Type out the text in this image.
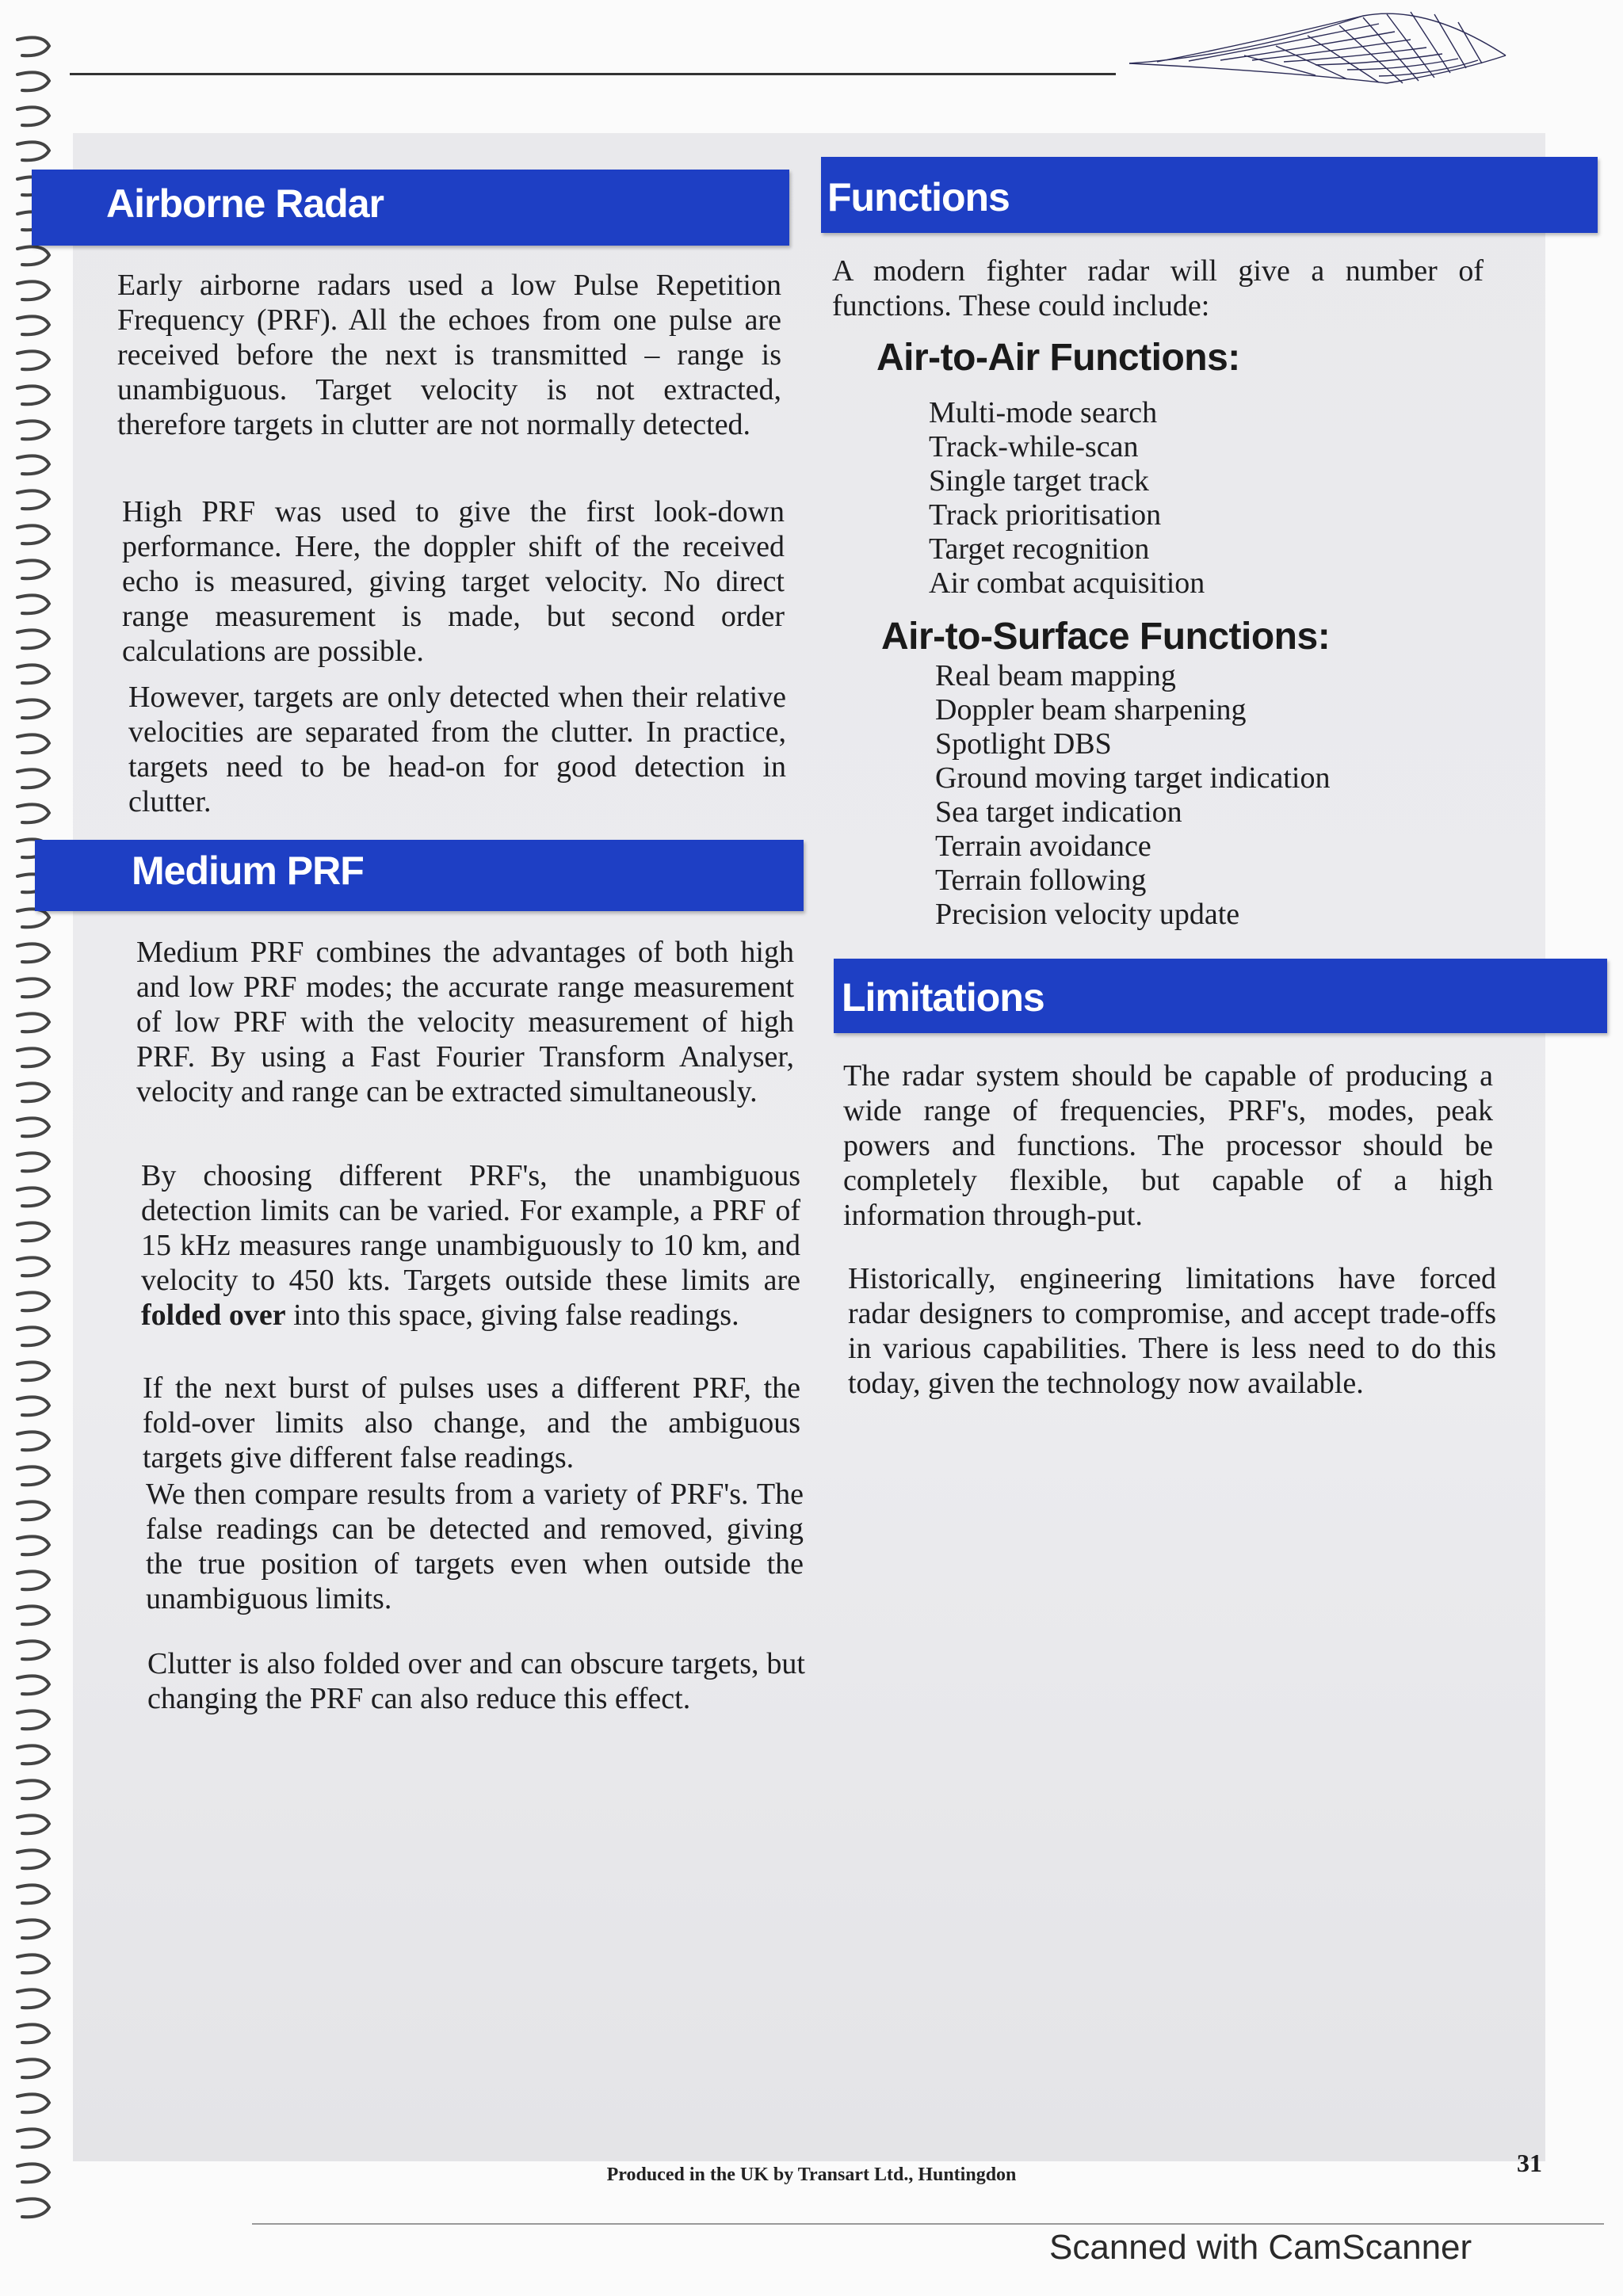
Airborne Radar

Early airborne radars used a low Pulse Repetition Frequency (PRF). All the echoes from one pulse are received before the next is transmitted – range is unambiguous. Target velocity is not extracted, therefore targets in clutter are not normally detected.

High PRF was used to give the first look-down performance. Here, the doppler shift of the received echo is measured, giving target velocity. No direct range measurement is made, but second order calculations are possible.

However, targets are only detected when their relative velocities are separated from the clutter. In practice, targets need to be head-on for good detection in clutter.

Medium PRF

Medium PRF combines the advantages of both high and low PRF modes; the accurate range measurement of low PRF with the velocity measurement of high PRF. By using a Fast Fourier Transform Analyser, velocity and range can be extracted simultaneously.

By choosing different PRF's, the unambiguous detection limits can be varied. For example, a PRF of 15 kHz measures range unambiguously to 10 km, and velocity to 450 kts. Targets outside these limits are folded over into this space, giving false readings.

If the next burst of pulses uses a different PRF, the fold-over limits also change, and the ambiguous targets give different false readings.

We then compare results from a variety of PRF's. The false readings can be detected and removed, giving the true position of targets even when outside the unambiguous limits.

Clutter is also folded over and can obscure targets, but changing the PRF can also reduce this effect.

Functions

A modern fighter radar will give a number of functions. These could include:

Air-to-Air Functions:
Multi-mode search
Track-while-scan
Single target track
Track prioritisation
Target recognition
Air combat acquisition
Air-to-Surface Functions:
Real beam mapping
Doppler beam sharpening
Spotlight DBS
Ground moving target indication
Sea target indication
Terrain avoidance
Terrain following
Precision velocity update
Limitations

The radar system should be capable of producing a wide range of frequencies, PRF's, modes, peak powers and functions. The processor should be completely flexible, but capable of a high information through-put.

Historically, engineering limitations have forced radar designers to compromise, and accept trade-offs in various capabilities. There is less need to do this today, given the technology now available.

Produced in the UK by Transart Ltd., Huntingdon	31
Scanned with CamScanner
